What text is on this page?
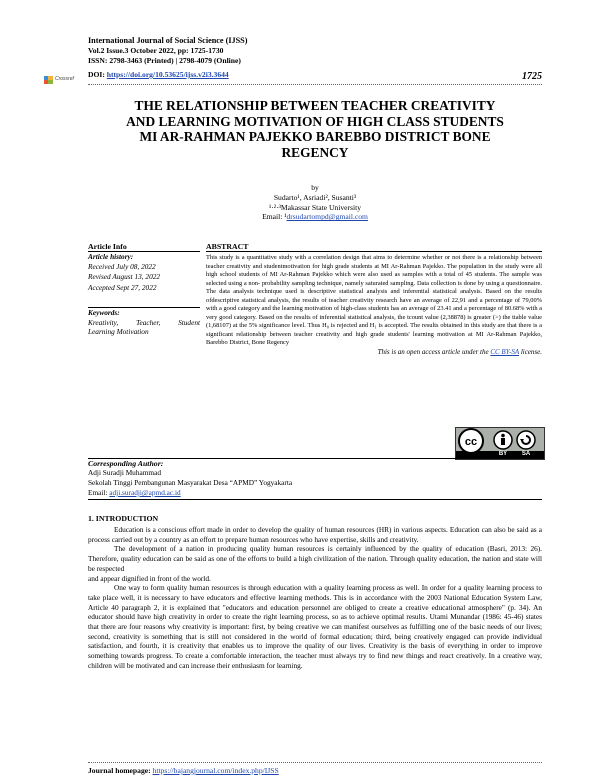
International Journal of Social Science (IJSS)
Vol.2 Issue.3 October 2022, pp: 1725-1730
ISSN: 2798-3463 (Printed) | 2798-4079 (Online)
Crossref DOI: https://doi.org/10.53625/ijss.v2i3.3644	1725
THE RELATIONSHIP BETWEEN TEACHER CREATIVITY
AND LEARNING MOTIVATION OF HIGH CLASS STUDENTS
MI AR-RAHMAN PAJEKKO BAREBBO DISTRICT BONE
REGENCY
by
Sudarto¹, Asriadi², Susanti³
¹·²·³Makassar State University
Email: ¹drsudartompd@gmail.com
Article Info
Article history:
Received July 08, 2022
Revised August 13, 2022
Accepted Sept 27, 2022
Keywords:
Kreativity, Teacher, Student
Learning Motivation
ABSTRACT
This study is a quantitative study with a correlation design that aims to determine whether or not there is a relationship between teacher creativity and studentmotivation for high grade students at MI Ar-Rahman Pajekko. The population in the study were all high school students of MI Ar-Rahman Pajekko which were also used as samples with a total of 45 students. The sample was selected using a non- probability sampling technique, namely saturated sampling. Data collection is done by using a questionnaire. The data analysis technique used is descriptive statistical analysis and inferential statistical analysis. Based on the results ofdescriptive statistical analysis, the results of teacher creativity research have an average of 22,91 and a percentage of 79,00% with a good category and the learning motivation of high-class students has an average of 23.41 and a percentage of 80.68% with a very good category. Based on the results of inferential statistical analysis, the tcount value (2,38878) is greater (>) the ttable value (1,68107) at the 5% significance level. Thus H₀ is rejected and H₁ is accepted. The results obtained in this study are that there is a significant relationship between teacher creativity and high grade students' learning motivation at MI Ar-Rahman Pajekko, Barebbo District, Bone Regency
This is an open access article under the CC BY-SA license.
cc
BY	SA
Corresponding Author:
Adji Suradji Muhammad
Sekolah Tinggi Pembangunan Masyarakat Desa “APMD” Yogyakarta
Email: adji.suradji@apmd.ac.id
1. INTRODUCTION

Education is a conscious effort made in order to develop the quality of human resources (HR) in various aspects. Education can also be said as a process carried out by a country as an effort to prepare human resources who have expertise, skills and creativity.

The development of a nation in producing quality human resources is certainly influenced by the quality of education (Basri, 2013: 26). Therefore, quality education can be said as one of the efforts to build a high civilization of the nation. Through quality education, the nation and state will be respected

and appear dignified in front of the world.

One way to form quality human resources is through education with a quality learning process as well. In order for a quality learning process to take place well, it is necessary to have educators and effective learning methods. This is in accordance with the 2003 National Education System Law, Article 40 paragraph 2, it is explained that "educators and education personnel are obliged to create a creative educational atmosphere" (p. 34). An educator should have high creativity in order to create the right learning process, so as to achieve optimal results. Utami Munandar (1986: 45-46) states that there are four reasons why creativity is important: first, by being creative we can manifest ourselves as fulfilling one of the basic needs of our lives; second, creativity is something that is still not considered in the world of formal education; third, being creatively engaged can provide individual satisfaction, and fourth, it is creativity that enables us to improve the quality of our lives. Creativity is the basis of everything in order to improve something towards progress. To create a comfortable interaction, the teacher must always try to find new things and react creatively. In a creative way, children will be motivated and can increase their enthusiasm for learning.

Journal homepage: https://bajangjournal.com/index.php/IJSS
